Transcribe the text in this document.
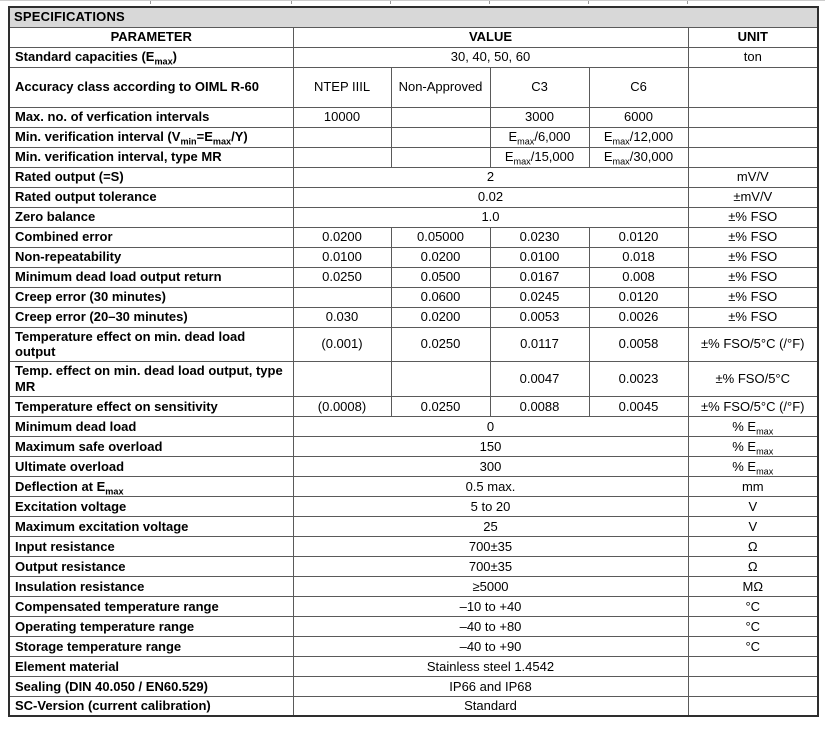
SPECIFICATIONS					
PARAMETER	VALUE				UNIT
Standard capacities $(E_{max})$	30, 40, 50, 60				ton
Accuracy class according to OIML R-60	NTEP IIIL	Non-Approved	C3	C6	
Max. no. of verfication intervals	10000		3000	6000	
Min. verification interval $(V_{min}=E_{max}/Y)$			$E_{max}/6,000$	$E_{max}/12,000$	
Min. verification interval, type MR			$E_{max}/15,000$	$E_{max}/30,000$	
Rated output (=S)	2				mV/V
Rated output tolerance	0.02				±mV/V
Zero balance	1.0				±% FSO
Combined error	0.0200	0.05000	0.0230	0.0120	±% FSO
Non-repeatability	0.0100	0.0200	0.0100	0.018	±% FSO
Minimum dead load output return	0.0250	0.0500	0.0167	0.008	±% FSO
Creep error (30 minutes)		0.0600	0.0245	0.0120	±% FSO
Creep error (20–30 minutes)	0.030	0.0200	0.0053	0.0026	±% FSO
Temperature effect on min. dead load output	(0.001)	0.0250	0.0117	0.0058	±% FSO/5°C (/°F)
Temp. effect on min. dead load output, type MR			0.0047	0.0023	±% FSO/5°C
Temperature effect on sensitivity	(0.0008)	0.0250	0.0088	0.0045	±% FSO/5°C (/°F)
Minimum dead load	0				% $E_{max}$
Maximum safe overload	150				% $E_{max}$
Ultimate overload	300				% $E_{max}$
Deflection at $E_{max}$	0.5 max.				mm
Excitation voltage	5 to 20				V
Maximum excitation voltage	25				V
Input resistance	700±35				Ω
Output resistance	700±35				Ω
Insulation resistance	≥5000				MΩ
Compensated temperature range	–10 to +40				°C
Operating temperature range	–40 to +80				°C
Storage temperature range	–40 to +90				°C
Element material	Stainless steel 1.4542				
Sealing (DIN 40.050 / EN60.529)	IP66 and IP68				
SC-Version (current calibration)	Standard				
